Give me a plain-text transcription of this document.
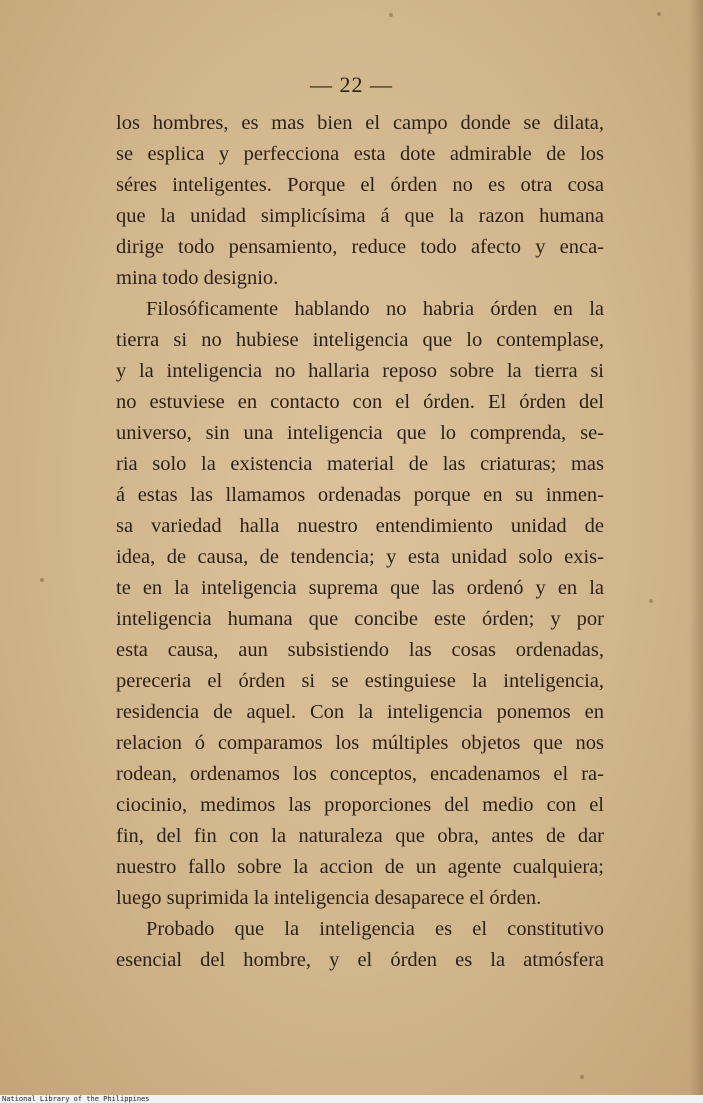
— 22 —
los hombres, es mas bien el campo donde se dilata,
se esplica y perfecciona esta dote admirable de los
séres inteligentes. Porque el órden no es otra cosa
que la unidad simplicísima á que la razon humana
dirige todo pensamiento, reduce todo afecto y enca-
mina todo designio.
Filosóficamente hablando no habria órden en la
tierra si no hubiese inteligencia que lo contemplase,
y la inteligencia no hallaria reposo sobre la tierra si
no estuviese en contacto con el órden. El órden del
universo, sin una inteligencia que lo comprenda, se-
ria solo la existencia material de las criaturas; mas
á estas las llamamos ordenadas porque en su inmen-
sa variedad halla nuestro entendimiento unidad de
idea, de causa, de tendencia; y esta unidad solo exis-
te en la inteligencia suprema que las ordenó y en la
inteligencia humana que concibe este órden; y por
esta causa, aun subsistiendo las cosas ordenadas,
pereceria el órden si se estinguiese la inteligencia,
residencia de aquel. Con la inteligencia ponemos en
relacion ó comparamos los múltiples objetos que nos
rodean, ordenamos los conceptos, encadenamos el ra-
ciocinio, medimos las proporciones del medio con el
fin, del fin con la naturaleza que obra, antes de dar
nuestro fallo sobre la accion de un agente cualquiera;
luego suprimida la inteligencia desaparece el órden.
Probado que la inteligencia es el constitutivo
esencial del hombre, y el órden es la atmósfera
National Library of the Philippines
